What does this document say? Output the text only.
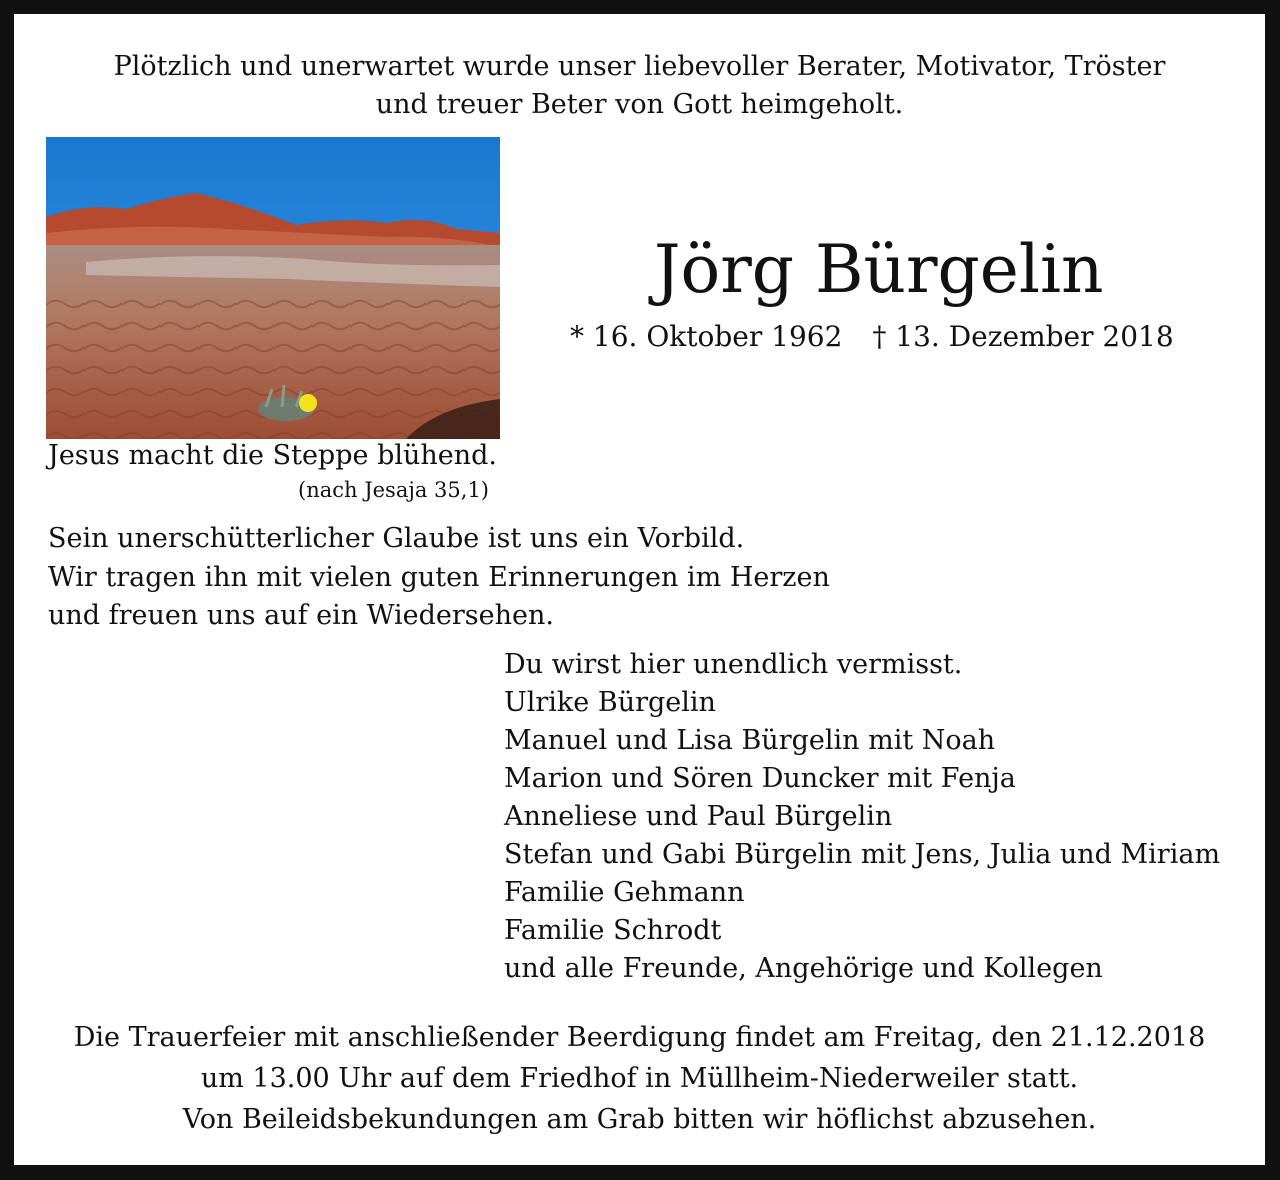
Plötzlich und unerwartet wurde unser liebevoller Berater, Motivator, Tröster
und treuer Beter von Gott heimgeholt.
Jesus macht die Steppe blühend.
(nach Jesaja 35,1)
Jörg Bürgelin
* 16. Oktober 1962 † 13. Dezember 2018
Sein unerschütterlicher Glaube ist uns ein Vorbild.
Wir tragen ihn mit vielen guten Erinnerungen im Herzen
und freuen uns auf ein Wiedersehen.
Du wirst hier unendlich vermisst.
Ulrike Bürgelin
Manuel und Lisa Bürgelin mit Noah
Marion und Sören Duncker mit Fenja
Anneliese und Paul Bürgelin
Stefan und Gabi Bürgelin mit Jens, Julia und Miriam
Familie Gehmann
Familie Schrodt
und alle Freunde, Angehörige und Kollegen
Die Trauerfeier mit anschließender Beerdigung findet am Freitag, den 21.12.2018
um 13.00 Uhr auf dem Friedhof in Müllheim-Niederweiler statt.
Von Beileidsbekundungen am Grab bitten wir höflichst abzusehen.
